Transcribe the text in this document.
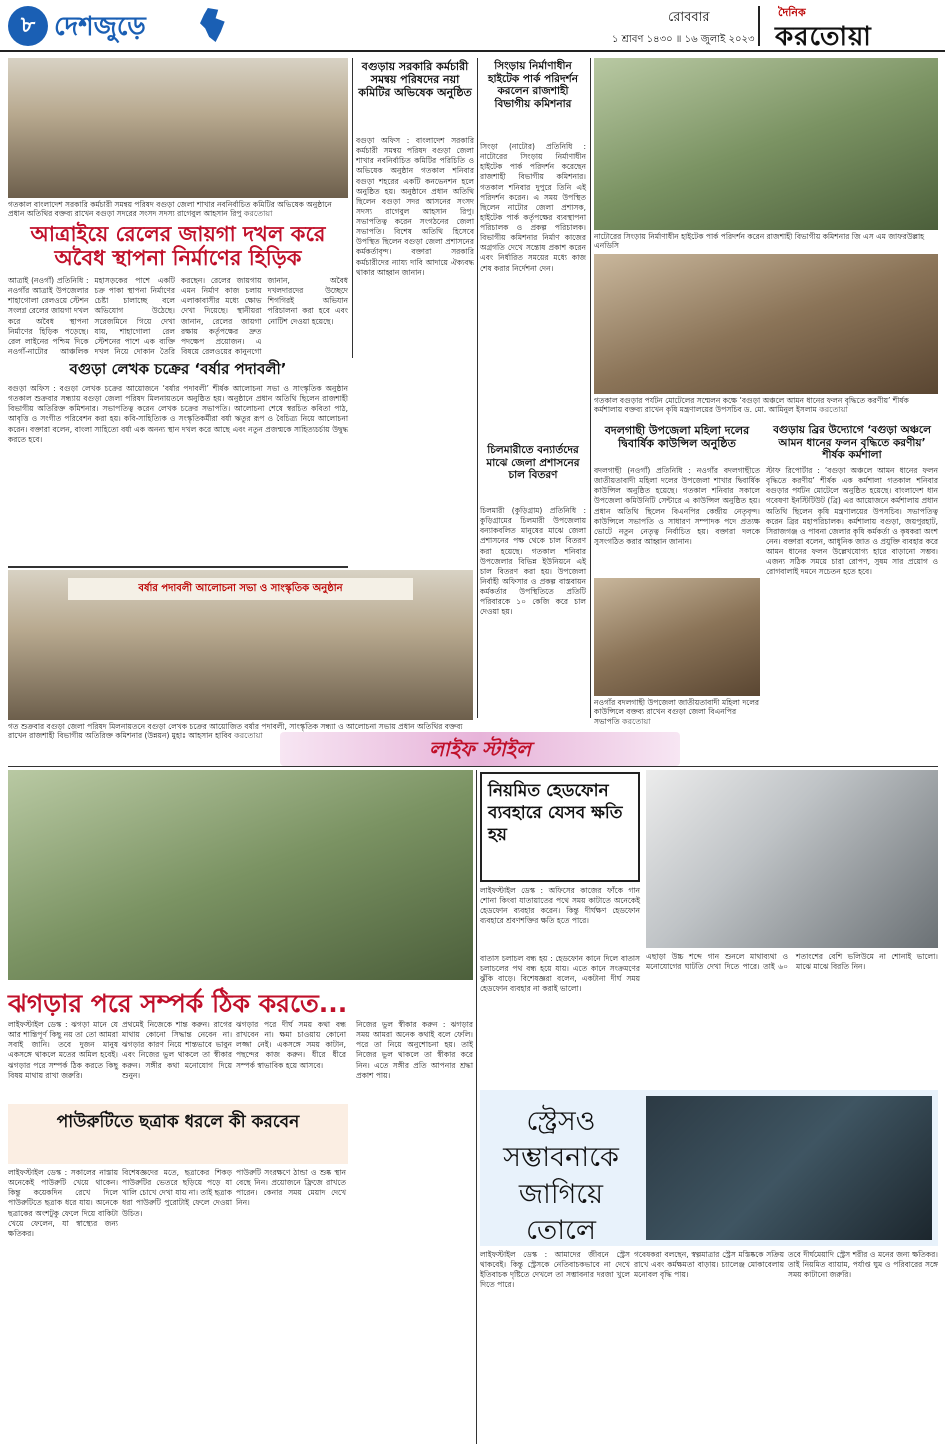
৮ দেশজুড়ে	রোববার
১ শ্রাবণ ১৪৩০ ॥ ১৬ জুলাই ২০২৩
দৈনিক
করতোয়া
গতকাল বাংলাদেশ সরকারি কর্মচারী সমন্বয় পরিষদ বগুড়া জেলা শাখার নবনির্বাচিত কমিটির অভিষেক অনুষ্ঠানে প্রধান অতিথির বক্তব্য রাখেন বগুড়া সদরের সংসদ সদস্য রাগেবুল আহসান রিপু করতোয়া
আত্রাইয়ে রেলের জায়গা দখল করে অবৈধ স্থাপনা নির্মাণের হিড়িক
আত্রাই (নওগাঁ) প্রতিনিধি : নওগাঁর আত্রাই উপজেলার শাহাগোলা রেলওয়ে স্টেশন সংলগ্ন রেলের জায়গা দখল করে অবৈধ স্থাপনা নির্মাণের হিড়িক পড়েছে। রেল লাইনের পশ্চিম দিকে নওগাঁ-নাটোর আঞ্চলিক মহাসড়কের পাশে একটি চক্র পাকা স্থাপনা নির্মাণের চেষ্টা চালাচ্ছে বলে অভিযোগ উঠেছে। সরেজমিনে গিয়ে দেখা যায়, শাহাগোলা রেল স্টেশনের পাশে এক ব্যক্তি দখল নিয়ে দোকান তৈরি করছেন। রেলের জায়গায় এমন নির্মাণ কাজ চলায় এলাকাবাসীর মধ্যে ক্ষোভ দেখা দিয়েছে। স্থানীয়রা জানান, রেলের জায়গা রক্ষায় কর্তৃপক্ষের দ্রুত পদক্ষেপ প্রয়োজন। এ বিষয়ে রেলওয়ের কানুনগো জানান, অবৈধ দখলদারদের উচ্ছেদে শিগগিরই অভিযান পরিচালনা করা হবে এবং নোটিশ দেওয়া হয়েছে।
বগুড়ায় সরকারি কর্মচারী সমন্বয় পরিষদের নয়া কমিটির অভিষেক অনুষ্ঠিত
বগুড়া অফিস : বাংলাদেশ সরকারি কর্মচারী সমন্বয় পরিষদ বগুড়া জেলা শাখার নবনির্বাচিত কমিটির পরিচিতি ও অভিষেক অনুষ্ঠান গতকাল শনিবার বগুড়া শহরের একটি কনভেনশন হলে অনুষ্ঠিত হয়। অনুষ্ঠানে প্রধান অতিথি ছিলেন বগুড়া সদর আসনের সংসদ সদস্য রাগেবুল আহসান রিপু। সভাপতিত্ব করেন সংগঠনের জেলা সভাপতি। বিশেষ অতিথি হিসেবে উপস্থিত ছিলেন বগুড়া জেলা প্রশাসনের কর্মকর্তাবৃন্দ। বক্তারা সরকারি কর্মচারীদের ন্যায্য দাবি আদায়ে ঐক্যবদ্ধ থাকার আহ্বান জানান।
সিংড়ায় নির্মাণাধীন হাইটেক পার্ক পরিদর্শন করলেন রাজশাহী বিভাগীয় কমিশনার
সিংড়া (নাটোর) প্রতিনিধি : নাটোরের সিংড়ায় নির্মাণাধীন হাইটেক পার্ক পরিদর্শন করেছেন রাজশাহী বিভাগীয় কমিশনার। গতকাল শনিবার দুপুরে তিনি এই পরিদর্শন করেন। এ সময় উপস্থিত ছিলেন নাটোর জেলা প্রশাসক, হাইটেক পার্ক কর্তৃপক্ষের ব্যবস্থাপনা পরিচালক ও প্রকল্প পরিচালক। বিভাগীয় কমিশনার নির্মাণ কাজের অগ্রগতি দেখে সন্তোষ প্রকাশ করেন এবং নির্ধারিত সময়ের মধ্যে কাজ শেষ করার নির্দেশনা দেন।
নাটোরের সিংড়ায় নির্মাণাধীন হাইটেক পার্ক পরিদর্শন করেন রাজশাহী বিভাগীয় কমিশনার জি এস এম জাফরউল্লাহ এনডিসি
গতকাল বগুড়ার পর্যটন মোটেলের সম্মেলন কক্ষে ‘বগুড়া অঞ্চলে আমন ধানের ফলন বৃদ্ধিতে করণীয়’ শীর্ষক কর্মশালায় বক্তব্য রাখেন কৃষি মন্ত্রণালয়ের উপসচিব ড. মো. আমিনুল ইসলাম করতোয়া
বগুড়া লেখক চক্রের ‘বর্ষার পদাবলী’
বগুড়া অফিস : বগুড়া লেখক চক্রের আয়োজনে ‘বর্ষার পদাবলী’ শীর্ষক আলোচনা সভা ও সাংস্কৃতিক অনুষ্ঠান গতকাল শুক্রবার সন্ধ্যায় বগুড়া জেলা পরিষদ মিলনায়তনে অনুষ্ঠিত হয়। অনুষ্ঠানে প্রধান অতিথি ছিলেন রাজশাহী বিভাগীয় অতিরিক্ত কমিশনার। সভাপতিত্ব করেন লেখক চক্রের সভাপতি। আলোচনা শেষে স্বরচিত কবিতা পাঠ, আবৃত্তি ও সংগীত পরিবেশন করা হয়। কবি-সাহিত্যিক ও সংস্কৃতিকর্মীরা বর্ষা ঋতুর রূপ ও বৈচিত্র্য নিয়ে আলোচনা করেন। বক্তারা বলেন, বাংলা সাহিত্যে বর্ষা এক অনন্য স্থান দখল করে আছে এবং নতুন প্রজন্মকে সাহিত্যচর্চায় উদ্বুদ্ধ করতে হবে।
বর্ষার পদাবলী আলোচনা সভা ও সাংস্কৃতিক অনুষ্ঠান
গত শুক্রবার বগুড়া জেলা পরিষদ মিলনায়তনে বগুড়া লেখক চক্রের আয়োজিত বর্ষার পদাবলী, সাংস্কৃতিক সন্ধ্যা ও আলোচনা সভায় প্রধান অতিথির বক্তব্য রাখেন রাজশাহী বিভাগীয় অতিরিক্ত কমিশনার (উন্নয়ন) মুহাঃ আহসান হাবিব করতোয়া
চিলমারীতে বন্যার্তদের মাঝে জেলা প্রশাসনের চাল বিতরণ
চিলমারী (কুড়িগ্রাম) প্রতিনিধি : কুড়িগ্রামের চিলমারী উপজেলায় বন্যাকবলিত মানুষের মাঝে জেলা প্রশাসনের পক্ষ থেকে চাল বিতরণ করা হয়েছে। গতকাল শনিবার উপজেলার বিভিন্ন ইউনিয়নে এই চাল বিতরণ করা হয়। উপজেলা নির্বাহী অফিসার ও প্রকল্প বাস্তবায়ন কর্মকর্তার উপস্থিতিতে প্রতিটি পরিবারকে ১০ কেজি করে চাল দেওয়া হয়।
বদলগাছী উপজেলা মহিলা দলের দ্বিবার্ষিক কাউন্সিল অনুষ্ঠিত
বদলগাছী (নওগাঁ) প্রতিনিধি : নওগাঁর বদলগাছীতে জাতীয়তাবাদী মহিলা দলের উপজেলা শাখার দ্বিবার্ষিক কাউন্সিল অনুষ্ঠিত হয়েছে। গতকাল শনিবার সকালে উপজেলা কমিউনিটি সেন্টারে এ কাউন্সিল অনুষ্ঠিত হয়। প্রধান অতিথি ছিলেন বিএনপির কেন্দ্রীয় নেতৃবৃন্দ। কাউন্সিলে সভাপতি ও সাধারণ সম্পাদক পদে প্রত্যক্ষ ভোটে নতুন নেতৃত্ব নির্বাচিত হয়। বক্তারা দলকে সুসংগঠিত করার আহ্বান জানান।
নওগাঁর বদলগাছী উপজেলা জাতীয়তাবাদী মহিলা দলের কাউন্সিলে বক্তব্য রাখেন বগুড়া জেলা বিএনপির সভাপতি করতোয়া
বগুড়ায় ব্রির উদ্যোগে ‘বগুড়া অঞ্চলে আমন ধানের ফলন বৃদ্ধিতে করণীয়’ শীর্ষক কর্মশালা
স্টাফ রিপোর্টার : ‘বগুড়া অঞ্চলে আমন ধানের ফলন বৃদ্ধিতে করণীয়’ শীর্ষক এক কর্মশালা গতকাল শনিবার বগুড়ার পর্যটন মোটেলে অনুষ্ঠিত হয়েছে। বাংলাদেশ ধান গবেষণা ইনস্টিটিউট (ব্রি) এর আয়োজনে কর্মশালায় প্রধান অতিথি ছিলেন কৃষি মন্ত্রণালয়ের উপসচিব। সভাপতিত্ব করেন ব্রির মহাপরিচালক। কর্মশালায় বগুড়া, জয়পুরহাট, সিরাজগঞ্জ ও পাবনা জেলার কৃষি কর্মকর্তা ও কৃষকরা অংশ নেন। বক্তারা বলেন, আধুনিক জাত ও প্রযুক্তি ব্যবহার করে আমন ধানের ফলন উল্লেখযোগ্য হারে বাড়ানো সম্ভব। এজন্য সঠিক সময়ে চারা রোপণ, সুষম সার প্রয়োগ ও রোগবালাই দমনে সচেতন হতে হবে।
লাইফ স্টাইল
ঝগড়ার পরে সম্পর্ক ঠিক করতে...
লাইফস্টাইল ডেস্ক : ঝগড়া মানে যে আর শান্তিপূর্ণ কিছু নয় তা তো আমরা সবাই জানি। তবে দুজন মানুষ একসঙ্গে থাকলে মতের অমিল হবেই। ঝগড়ার পরে সম্পর্ক ঠিক করতে কিছু বিষয় মাথায় রাখা জরুরি।
প্রথমেই নিজেকে শান্ত করুন। রাগের মাথায় কোনো সিদ্ধান্ত নেবেন না। ঝগড়ার কারণ নিয়ে শান্তভাবে ভাবুন এবং নিজের ভুল থাকলে তা স্বীকার করুন। সঙ্গীর কথা মনোযোগ দিয়ে শুনুন।
ঝগড়ার পরে দীর্ঘ সময় কথা বন্ধ রাখবেন না। ক্ষমা চাওয়ায় কোনো লজ্জা নেই। একসঙ্গে সময় কাটান, পছন্দের কাজ করুন। ধীরে ধীরে সম্পর্ক স্বাভাবিক হয়ে আসবে।
নিজের ভুল স্বীকার করুন : ঝগড়ার সময় আমরা অনেক কথাই বলে ফেলি। পরে তা নিয়ে অনুশোচনা হয়। তাই নিজের ভুল থাকলে তা স্বীকার করে নিন। এতে সঙ্গীর প্রতি আপনার শ্রদ্ধা প্রকাশ পায়।
পাউরুটিতে ছত্রাক ধরলে কী করবেন
লাইফস্টাইল ডেস্ক : সকালের নাস্তায় অনেকেই পাউরুটি খেয়ে থাকেন। কিন্তু কয়েকদিন রেখে দিলে পাউরুটিতে ছত্রাক ধরে যায়। অনেকে ছত্রাকের অংশটুকু ফেলে দিয়ে বাকিটা খেয়ে ফেলেন, যা স্বাস্থ্যের জন্য ক্ষতিকর।
বিশেষজ্ঞদের মতে, ছত্রাকের শিকড় পাউরুটির ভেতরে ছড়িয়ে পড়ে যা খালি চোখে দেখা যায় না। তাই ছত্রাক ধরা পাউরুটি পুরোটাই ফেলে দেওয়া উচিত।
পাউরুটি সংরক্ষণে ঠান্ডা ও শুষ্ক স্থান বেছে নিন। প্রয়োজনে ফ্রিজে রাখতে পারেন। কেনার সময় মেয়াদ দেখে নিন।
নিয়মিত হেডফোন ব্যবহারে যেসব ক্ষতি হয়
লাইফস্টাইল ডেস্ক : অফিসের কাজের ফাঁকে গান শোনা কিংবা যাতায়াতের পথে সময় কাটাতে অনেকেই হেডফোন ব্যবহার করেন। কিন্তু দীর্ঘক্ষণ হেডফোন ব্যবহারে শ্রবণশক্তির ক্ষতি হতে পারে।
বাতাস চলাচল বন্ধ হয় : হেডফোন কানে দিলে বাতাস চলাচলের পথ বন্ধ হয়ে যায়। এতে কানে সংক্রমণের ঝুঁকি বাড়ে। বিশেষজ্ঞরা বলেন, একটানা দীর্ঘ সময় হেডফোন ব্যবহার না করাই ভালো।
এছাড়া উচ্চ শব্দে গান শুনলে মাথাব্যথা ও মনোযোগের ঘাটতি দেখা দিতে পারে। তাই ৬০ শতাংশের বেশি ভলিউমে না শোনাই ভালো। মাঝে মাঝে বিরতি নিন।
স্ট্রেসও সম্ভাবনাকে জাগিয়ে তোলে
লাইফস্টাইল ডেস্ক : আমাদের জীবনে স্ট্রেস থাকবেই। কিন্তু স্ট্রেসকে নেতিবাচকভাবে না দেখে ইতিবাচক দৃষ্টিতে দেখলে তা সম্ভাবনার দরজা খুলে দিতে পারে।
গবেষকরা বলছেন, স্বল্পমাত্রার স্ট্রেস মস্তিষ্ককে সক্রিয় রাখে এবং কর্মক্ষমতা বাড়ায়। চ্যালেঞ্জ মোকাবেলায় মনোবল বৃদ্ধি পায়।
তবে দীর্ঘমেয়াদি স্ট্রেস শরীর ও মনের জন্য ক্ষতিকর। তাই নিয়মিত ব্যায়াম, পর্যাপ্ত ঘুম ও পরিবারের সঙ্গে সময় কাটানো জরুরি।
